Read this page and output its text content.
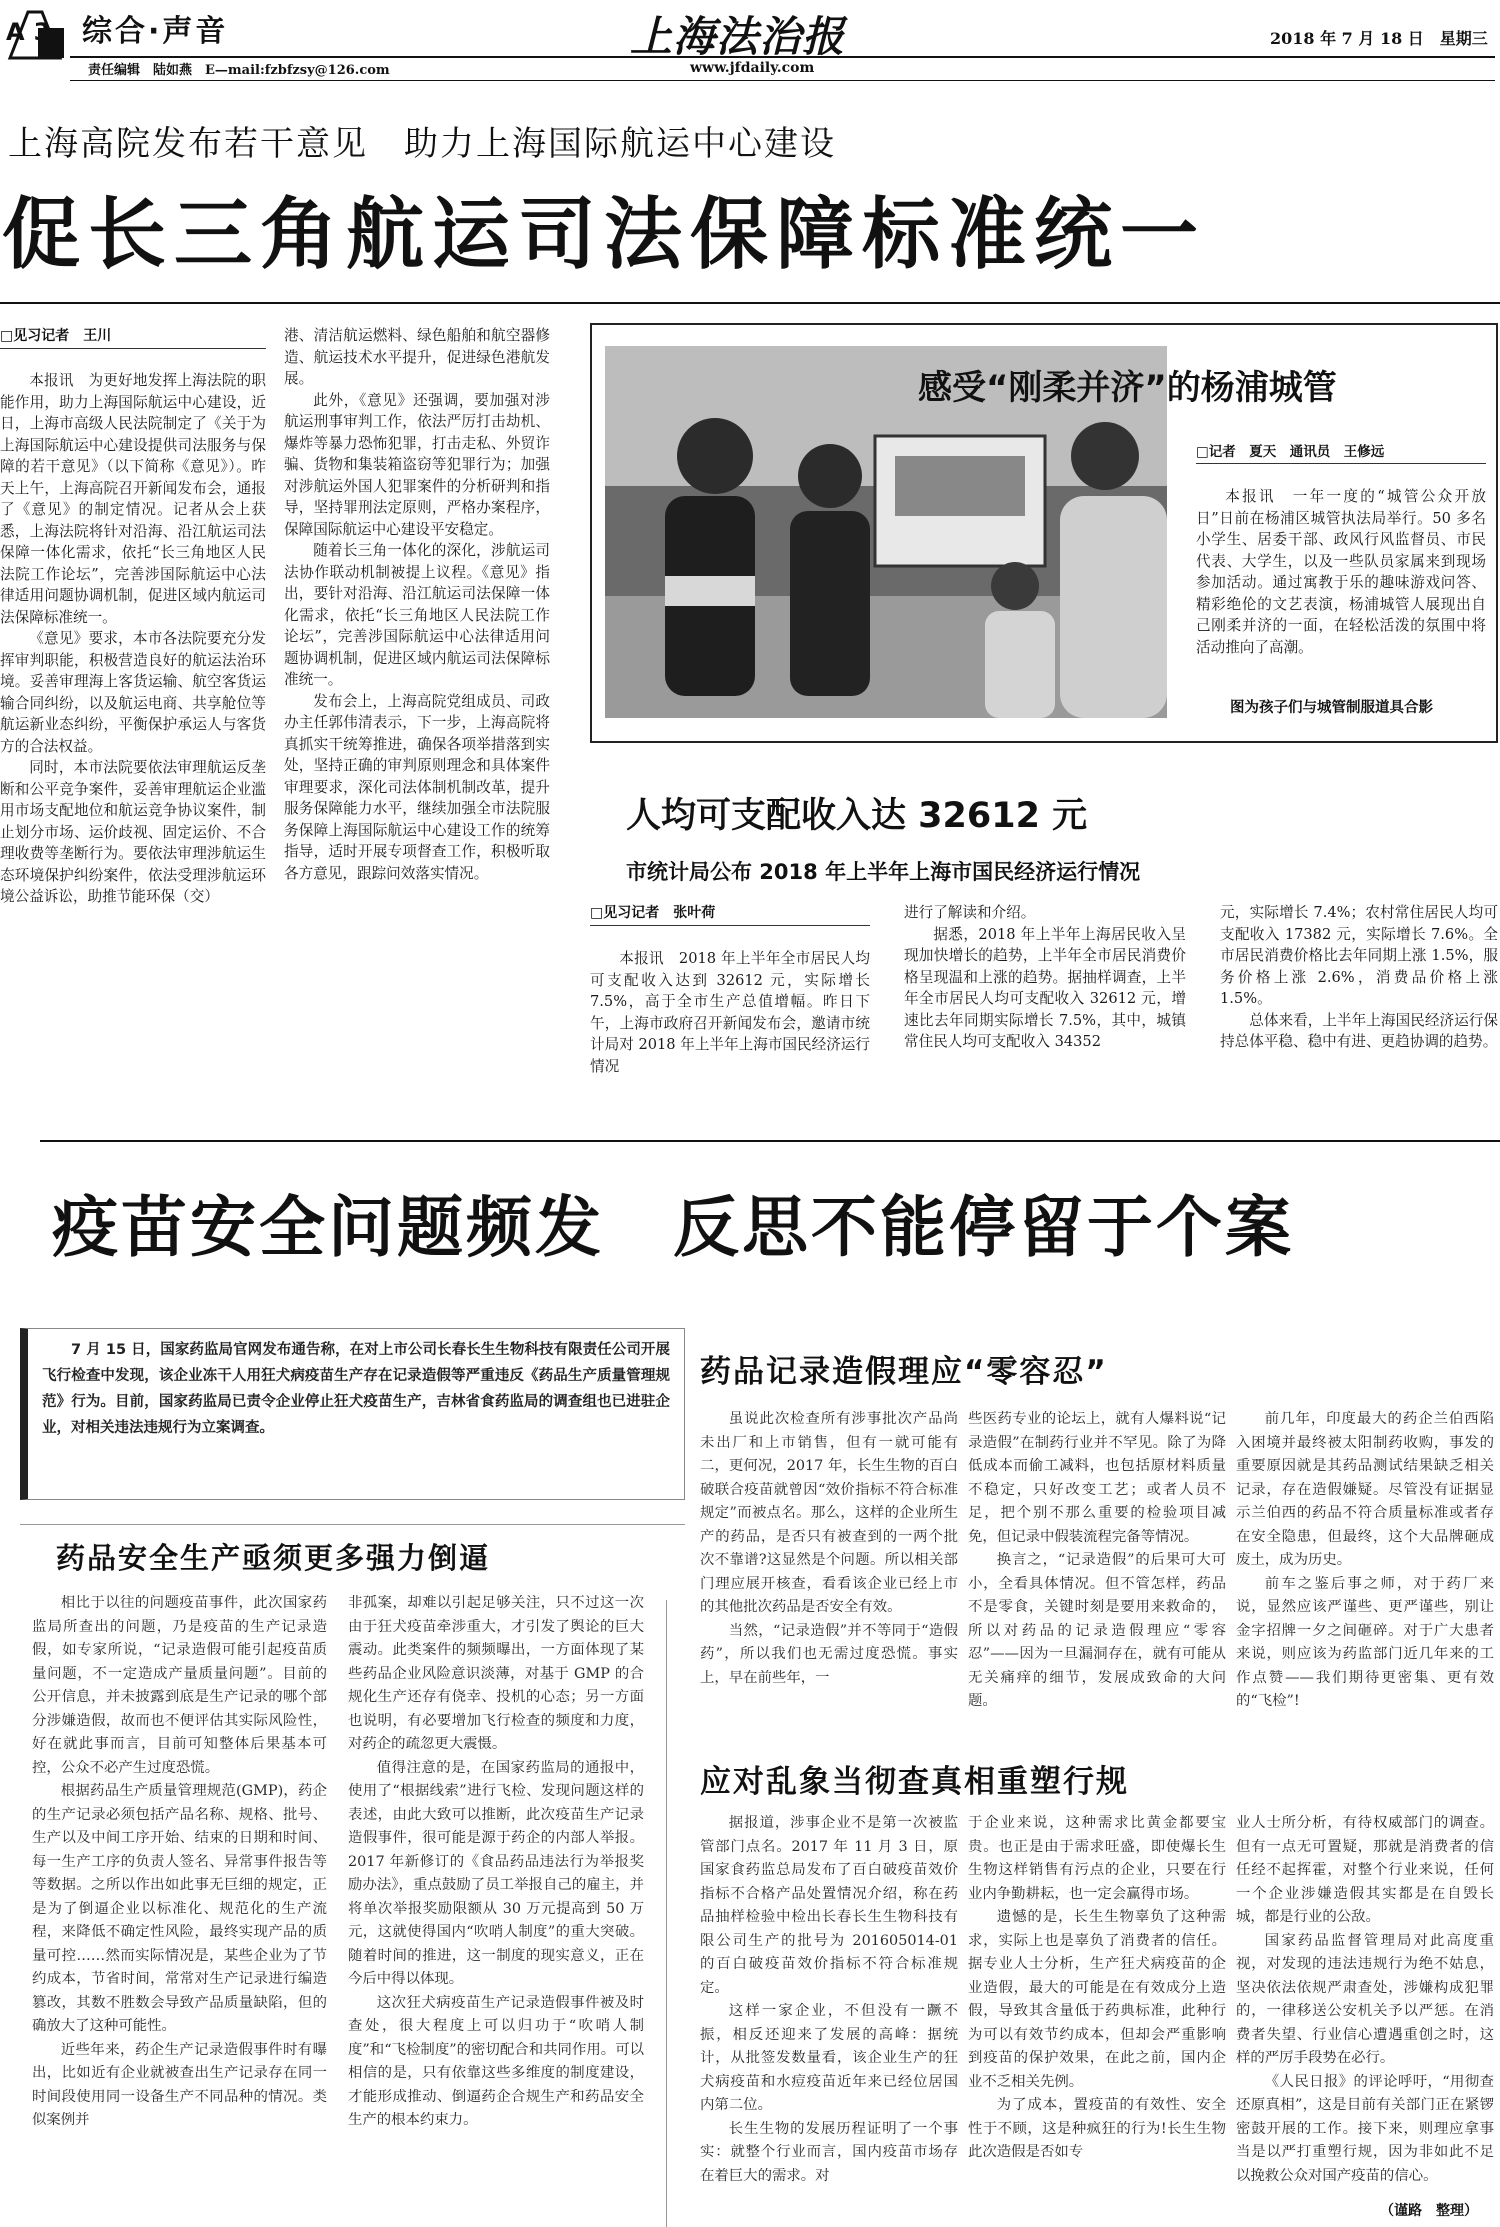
A3 综合·声音
责任编辑　陆如燕　E—mail:fzbfzsy@126.com
上海法治报
www.jfdaily.com
2018 年 7 月 18 日　星期三
上海高院发布若干意见　助力上海国际航运中心建设
促长三角航运司法保障标准统一
□见习记者　王川

本报讯　为更好地发挥上海法院的职能作用，助力上海国际航运中心建设，近日，上海市高级人民法院制定了《关于为上海国际航运中心建设提供司法服务与保障的若干意见》（以下简称《意见》）。昨天上午，上海高院召开新闻发布会，通报了《意见》的制定情况。记者从会上获悉，上海法院将针对沿海、沿江航运司法保障一体化需求，依托“长三角地区人民法院工作论坛”，完善涉国际航运中心法律适用问题协调机制，促进区域内航运司法保障标准统一。

《意见》要求，本市各法院要充分发挥审判职能，积极营造良好的航运法治环境。妥善审理海上客货运输、航空客货运输合同纠纷，以及航运电商、共享舱位等航运新业态纠纷，平衡保护承运人与客货方的合法权益。

同时，本市法院要依法审理航运反垄断和公平竞争案件，妥善审理航运企业滥用市场支配地位和航运竞争协议案件，制止划分市场、运价歧视、固定运价、不合理收费等垄断行为。要依法审理涉航运生态环境保护纠纷案件，依法受理涉航运环境公益诉讼，助推节能环保（交）

港、清洁航运燃料、绿色船舶和航空器修造、航运技术水平提升，促进绿色港航发展。

此外，《意见》还强调，要加强对涉航运刑事审判工作，依法严厉打击劫机、爆炸等暴力恐怖犯罪，打击走私、外贸诈骗、货物和集装箱盗窃等犯罪行为；加强对涉航运外国人犯罪案件的分析研判和指导，坚持罪刑法定原则，严格办案程序，保障国际航运中心建设平安稳定。

随着长三角一体化的深化，涉航运司法协作联动机制被提上议程。《意见》指出，要针对沿海、沿江航运司法保障一体化需求，依托“长三角地区人民法院工作论坛”，完善涉国际航运中心法律适用问题协调机制，促进区域内航运司法保障标准统一。

发布会上，上海高院党组成员、司政办主任郭伟清表示，下一步，上海高院将真抓实干统筹推进，确保各项举措落到实处，坚持正确的审判原则理念和具体案件审理要求，深化司法体制机制改革，提升服务保障能力水平，继续加强全市法院服务保障上海国际航运中心建设工作的统筹指导，适时开展专项督查工作，积极听取各方意见，跟踪问效落实情况。

感受“刚柔并济”的杨浦城管
□记者　夏天　通讯员　王修远

本报讯　一年一度的“城管公众开放日”日前在杨浦区城管执法局举行。50 多名小学生、居委干部、政风行风监督员、市民代表、大学生，以及一些队员家属来到现场参加活动。通过寓教于乐的趣味游戏问答、精彩绝伦的文艺表演，杨浦城管人展现出自己刚柔并济的一面，在轻松活泼的氛围中将活动推向了高潮。

图为孩子们与城管制服道具合影
人均可支配收入达 32612 元
市统计局公布 2018 年上半年上海市国民经济运行情况
□见习记者　张叶荷

本报讯　2018 年上半年全市居民人均可支配收入达到 32612 元，实际增长 7.5%，高于全市生产总值增幅。昨日下午，上海市政府召开新闻发布会，邀请市统计局对 2018 年上半年上海市国民经济运行情况

进行了解读和介绍。

据悉，2018 年上半年上海居民收入呈现加快增长的趋势，上半年全市居民消费价格呈现温和上涨的趋势。据抽样调查，上半年全市居民人均可支配收入 32612 元，增速比去年同期实际增长 7.5%，其中，城镇常住民人均可支配收入 34352

元，实际增长 7.4%；农村常住居民人均可支配收入 17382 元，实际增长 7.6%。全市居民消费价格比去年同期上涨 1.5%，服务价格上涨 2.6%，消费品价格上涨 1.5%。

总体来看，上半年上海国民经济运行保持总体平稳、稳中有进、更趋协调的趋势。

疫苗安全问题频发　反思不能停留于个案
7 月 15 日，国家药监局官网发布通告称，在对上市公司长春长生生物科技有限责任公司开展飞行检查中发现，该企业冻干人用狂犬病疫苗生产存在记录造假等严重违反《药品生产质量管理规范》行为。目前，国家药监局已责令企业停止狂犬疫苗生产，吉林省食药监局的调查组也已进驻企业，对相关违法违规行为立案调查。
药品安全生产亟须更多强力倒逼

相比于以往的问题疫苗事件，此次国家药监局所查出的问题，乃是疫苗的生产记录造假，如专家所说，“记录造假可能引起疫苗质量问题，不一定造成产量质量问题”。目前的公开信息，并未披露到底是生产记录的哪个部分涉嫌造假，故而也不便评估其实际风险性，好在就此事而言，目前可知整体后果基本可控，公众不必产生过度恐慌。

根据药品生产质量管理规范(GMP)，药企的生产记录必须包括产品名称、规格、批号、生产以及中间工序开始、结束的日期和时间、每一生产工序的负责人签名、异常事件报告等等数据。之所以作出如此事无巨细的规定，正是为了倒逼企业以标准化、规范化的生产流程，来降低不确定性风险，最终实现产品的质量可控……然而实际情况是，某些企业为了节约成本，节省时间，常常对生产记录进行编造篡改，其数不胜数会导致产品质量缺陷，但的确放大了这种可能性。

近些年来，药企生产记录造假事件时有曝出，比如近有企业就被查出生产记录存在同一时间段使用同一设备生产不同品种的情况。类似案例并

非孤案，却难以引起足够关注，只不过这一次由于狂犬疫苗牵涉重大，才引发了舆论的巨大震动。此类案件的频频曝出，一方面体现了某些药品企业风险意识淡薄，对基于 GMP 的合规化生产还存有侥幸、投机的心态；另一方面也说明，有必要增加飞行检查的频度和力度，对药企的疏忽更大震慑。

值得注意的是，在国家药监局的通报中，使用了“根据线索”进行飞检、发现问题这样的表述，由此大致可以推断，此次疫苗生产记录造假事件，很可能是源于药企的内部人举报。2017 年新修订的《食品药品违法行为举报奖励办法》，重点鼓励了员工举报自己的雇主，并将单次举报奖励限额从 30 万元提高到 50 万元，这就使得国内“吹哨人制度”的重大突破。随着时间的推进，这一制度的现实意义，正在今后中得以体现。

这次狂犬病疫苗生产记录造假事件被及时查处，很大程度上可以归功于“吹哨人制度”和“飞检制度”的密切配合和共同作用。可以相信的是，只有依靠这些多维度的制度建设，才能形成推动、倒逼药企合规生产和药品安全生产的根本约束力。

药品记录造假理应“零容忍”

虽说此次检查所有涉事批次产品尚未出厂和上市销售，但有一就可能有二，更何况，2017 年，长生生物的百白破联合疫苗就曾因“效价指标不符合标准规定”而被点名。那么，这样的企业所生产的药品，是否只有被查到的一两个批次不靠谱?这显然是个问题。所以相关部门理应展开核查，看看该企业已经上市的其他批次药品是否安全有效。

当然，“记录造假”并不等同于“造假药”，所以我们也无需过度恐慌。事实上，早在前些年，一

些医药专业的论坛上，就有人爆料说“记录造假”在制药行业并不罕见。除了为降低成本而偷工减料，也包括原材料质量不稳定，只好改变工艺；或者人员不足，把个别不那么重要的检验项目减免，但记录中假装流程完备等情况。

换言之，“记录造假”的后果可大可小，全看具体情况。但不管怎样，药品不是零食，关键时刻是要用来救命的，所以对药品的记录造假理应“零容忍”——因为一旦漏洞存在，就有可能从无关痛痒的细节，发展成致命的大问题。

前几年，印度最大的药企兰伯西陷入困境并最终被太阳制药收购，事发的重要原因就是其药品测试结果缺乏相关记录，存在造假嫌疑。尽管没有证据显示兰伯西的药品不符合质量标准或者存在安全隐患，但最终，这个大品牌砸成废土，成为历史。

前车之鉴后事之师，对于药厂来说，显然应该严谨些、更严谨些，别让金字招牌一夕之间砸碎。对于广大患者来说，则应该为药监部门近几年来的工作点赞——我们期待更密集、更有效的“飞检”!

应对乱象当彻查真相重塑行规

据报道，涉事企业不是第一次被监管部门点名。2017 年 11 月 3 日，原国家食药监总局发布了百白破疫苗效价指标不合格产品处置情况介绍，称在药品抽样检验中检出长春长生生物科技有限公司生产的批号为 201605014-01 的百白破疫苗效价指标不符合标准规定。

这样一家企业，不但没有一蹶不振，相反还迎来了发展的高峰：据统计，从批签发数量看，该企业生产的狂犬病疫苗和水痘疫苗近年来已经位居国内第二位。

长生生物的发展历程证明了一个事实：就整个行业而言，国内疫苗市场存在着巨大的需求。对

于企业来说，这种需求比黄金都要宝贵。也正是由于需求旺盛，即使爆长生生物这样销售有污点的企业，只要在行业内争勤耕耘，也一定会赢得市场。

遗憾的是，长生生物辜负了这种需求，实际上也是辜负了消费者的信任。据专业人士分析，生产狂犬病疫苗的企业造假，最大的可能是在有效成分上造假，导致其含量低于药典标准，此种行为可以有效节约成本，但却会严重影响到疫苗的保护效果，在此之前，国内企业不乏相关先例。

为了成本，置疫苗的有效性、安全性于不顾，这是种疯狂的行为!长生生物此次造假是否如专

业人士所分析，有待权威部门的调查。但有一点无可置疑，那就是消费者的信任经不起挥霍，对整个行业来说，任何一个企业涉嫌造假其实都是在自毁长城，都是行业的公敌。

国家药品监督管理局对此高度重视，对发现的违法违规行为绝不姑息，坚决依法依规严肃查处，涉嫌构成犯罪的，一律移送公安机关予以严惩。在消费者失望、行业信心遭遇重创之时，这样的严厉手段势在必行。

《人民日报》的评论呼吁，“用彻查还原真相”，这是目前有关部门正在紧锣密鼓开展的工作。接下来，则理应拿事当是以严打重塑行规，因为非如此不足以挽救公众对国产疫苗的信心。

（谨路　整理）
